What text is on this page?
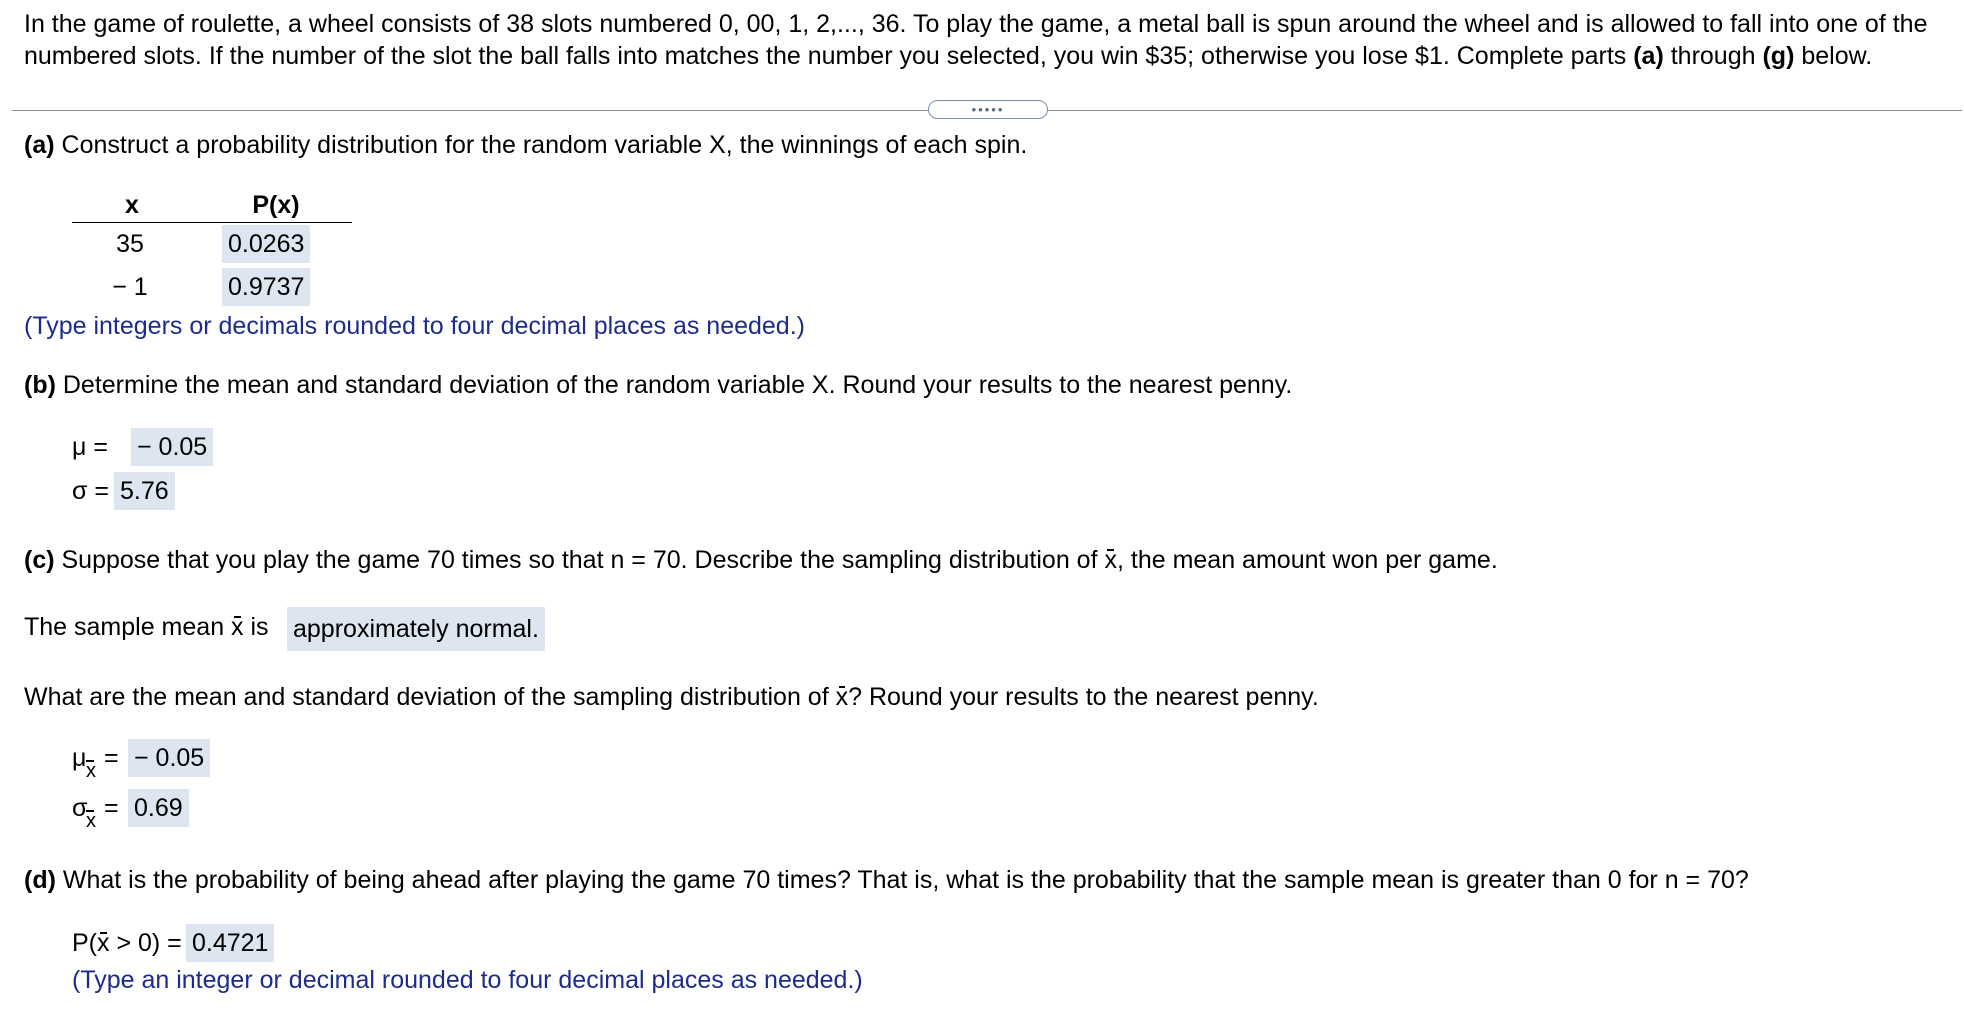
In the game of roulette, a wheel consists of 38 slots numbered 0, 00, 1, 2,..., 36. To play the game, a metal ball is spun around the wheel and is allowed to fall into one of the numbered slots. If the number of the slot the ball falls into matches the number you selected, you win $35; otherwise you lose $1. Complete parts (a) through (g) below.

•••••
(a) Construct a probability distribution for the random variable X, the winnings of each spin.
x	P(x)
35	0.0263
− 1	0.9737
(Type integers or decimals rounded to four decimal places as needed.)
(b) Determine the mean and standard deviation of the random variable X. Round your results to the nearest penny.
μ = − 0.05
σ = 5.76
(c) Suppose that you play the game 70 times so that n = 70. Describe the sampling distribution of x, the mean amount won per game.
The sample mean x is approximately normal.
What are the mean and standard deviation of the sampling distribution of x? Round your results to the nearest penny.
μ x = − 0.05
σ
x = 0.69
(d) What is the probability of being ahead after playing the game 70 times? That is, what is the probability that the sample mean is greater than 0 for n = 70?
P(x > 0) = 0.4721
(Type an integer or decimal rounded to four decimal places as needed.)
